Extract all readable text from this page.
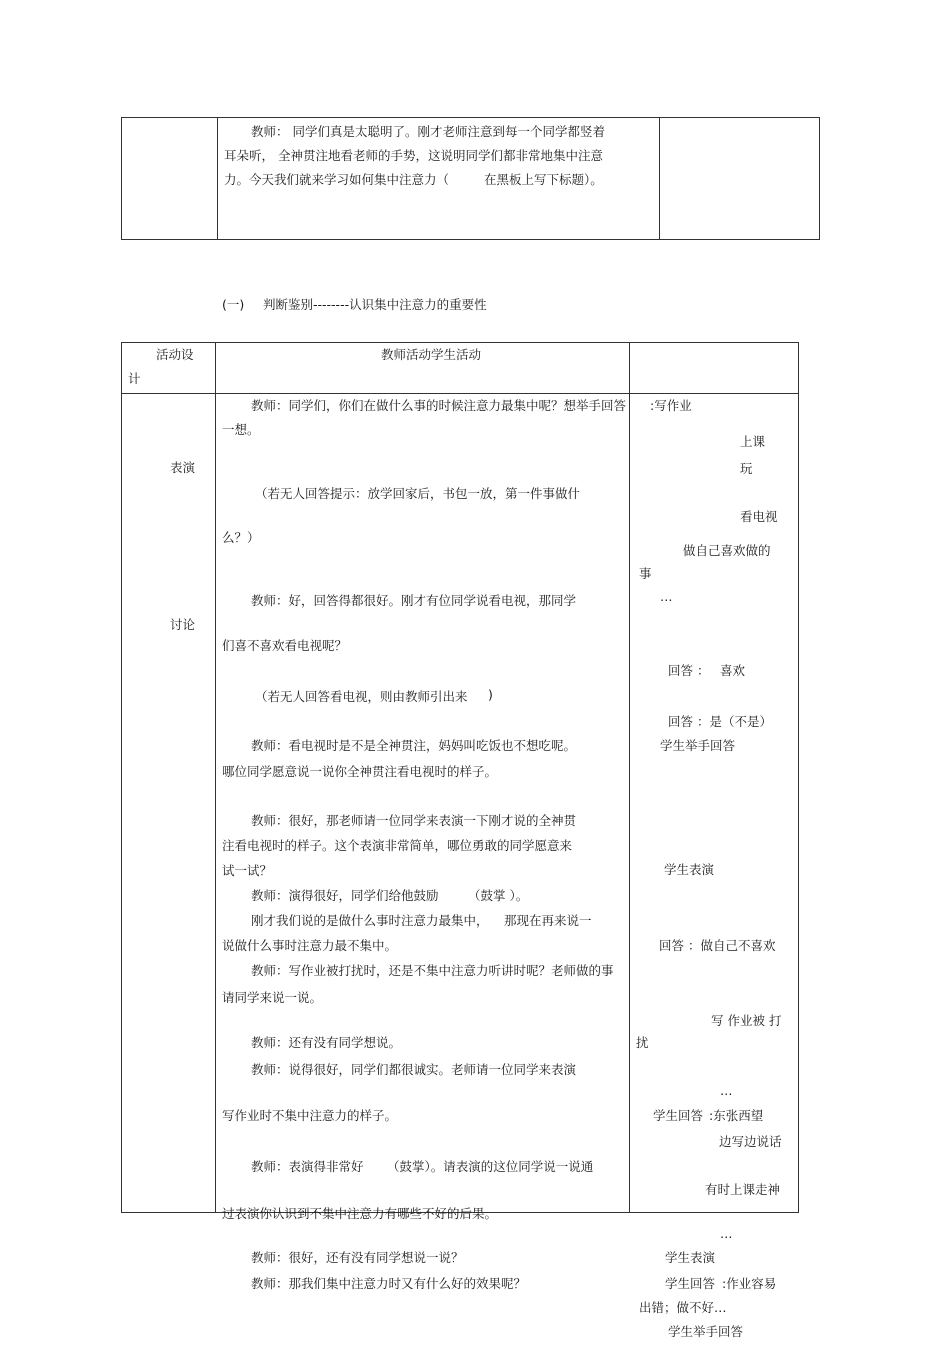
教师： 同学们真是太聪明了。刚才老师注意到每一个同学都竖着
耳朵听， 全神贯注地看老师的手势，这说明同学们都非常地集中注意
力。今天我们就来学习如何集中注意力（	在黑板上写下标题）。
(一) 判断鉴别--------认识集中注意力的重要性
活动设
计
教师活动学生活动
表演
讨论
教师：同学们，你们在做什么事的时候注意力最集中呢？想举手回答
一想。
（若无人回答提示：放学回家后，书包一放，第一件事做什
么？）
教师：好，回答得都很好。刚才有位同学说看电视，那同学
们喜不喜欢看电视呢？
（若无人回答看电视，则由教师引出来 )
教师：看电视时是不是全神贯注，妈妈叫吃饭也不想吃呢。
哪位同学愿意说一说你全神贯注看电视时的样子。
教师：很好，那老师请一位同学来表演一下刚才说的全神贯
注看电视时的样子。这个表演非常简单，哪位勇敢的同学愿意来
试一试？
教师：演得很好，同学们给他鼓励 （鼓掌 ）。
刚才我们说的是做什么事时注意力最集中， 那现在再来说一
说做什么事时注意力最不集中。
教师：写作业被打扰时，还是不集中注意力听讲时呢？老师做的事
请同学来说一说。
教师：还有没有同学想说。
教师：说得很好，同学们都很诚实。老师请一位同学来表演
写作业时不集中注意力的样子。
教师：表演得非常好 （鼓掌）。请表演的这位同学说一说通
过表演你认识到不集中注意力有哪些不好的后果。
教师：很好，还有没有同学想说一说？
教师：那我们集中注意力时又有什么好的效果呢？
:写作业
上课
玩
看电视
做自己喜欢做的
事
…
回答 ： 喜欢
回答 ：是（不是）
学生举手回答
学生表演
回答 ：做自己不喜欢
写 作业被 打
扰
…
学生回答 :东张西望
边写边说话
有时上课走神
…
学生表演
学生回答 :作业容易
出错；做不好…
学生举手回答
